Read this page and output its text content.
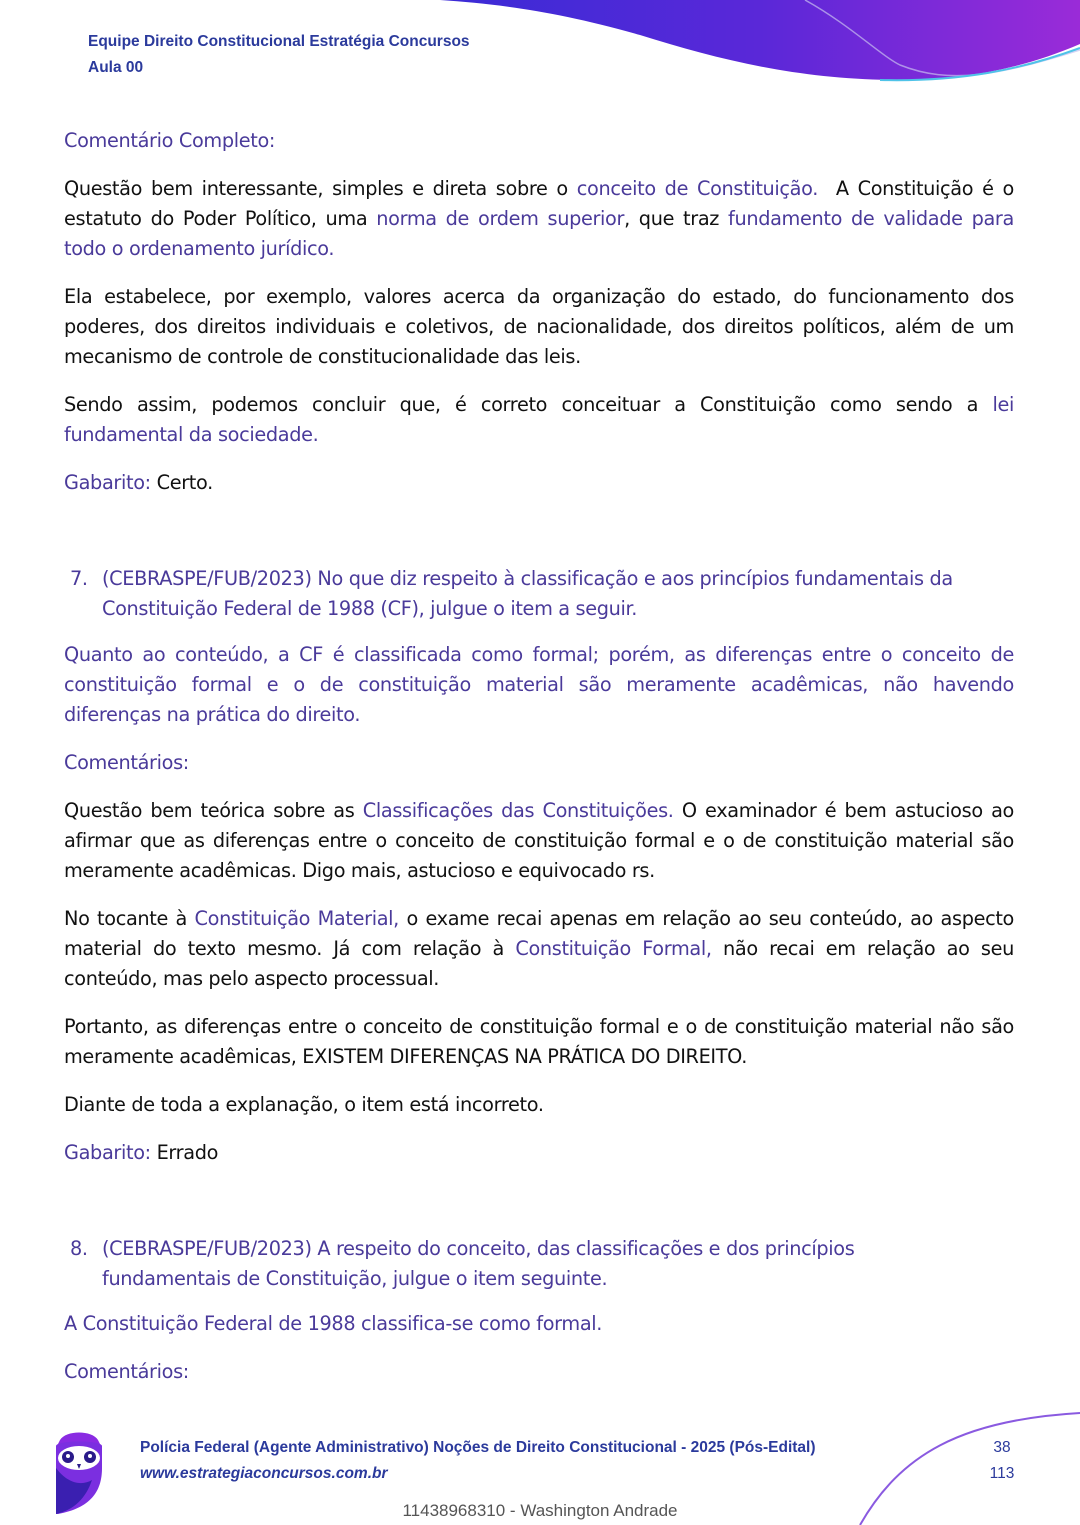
Equipe Direito Constitucional Estratégia Concursos
Aula 00

Comentário Completo:

Questão bem interessante, simples e direta sobre o conceito de Constituição.  A Constituição é o estatuto do Poder Político, uma norma de ordem superior, que traz fundamento de validade para todo o ordenamento jurídico.

Ela estabelece, por exemplo, valores acerca da organização do estado, do funcionamento dos poderes, dos direitos individuais e coletivos, de nacionalidade, dos direitos políticos, além de um mecanismo de controle de constitucionalidade das leis.

Sendo assim, podemos concluir que, é correto conceituar a Constituição como sendo a lei fundamental da sociedade.

Gabarito: Certo.

7. (CEBRASPE/FUB/2023) No que diz respeito à classificação e aos princípios fundamentais da Constituição Federal de 1988 (CF), julgue o item a seguir.

Quanto ao conteúdo, a CF é classificada como formal; porém, as diferenças entre o conceito de constituição formal e o de constituição material são meramente acadêmicas, não havendo diferenças na prática do direito.

Comentários:

Questão bem teórica sobre as Classificações das Constituições. O examinador é bem astucioso ao afirmar que as diferenças entre o conceito de constituição formal e o de constituição material são meramente acadêmicas. Digo mais, astucioso e equivocado rs.

No tocante à Constituição Material, o exame recai apenas em relação ao seu conteúdo, ao aspecto material do texto mesmo. Já com relação à Constituição Formal, não recai em relação ao seu conteúdo, mas pelo aspecto processual.

Portanto, as diferenças entre o conceito de constituição formal e o de constituição material não são meramente acadêmicas, EXISTEM DIFERENÇAS NA PRÁTICA DO DIREITO.

Diante de toda a explanação, o item está incorreto.

Gabarito: Errado

8. (CEBRASPE/FUB/2023) A respeito do conceito, das classificações e dos princípios fundamentais de Constituição, julgue o item seguinte.

A Constituição Federal de 1988 classifica-se como formal.

Comentários:

Polícia Federal (Agente Administrativo) Noções de Direito Constitucional - 2025 (Pós-Edital)
www.estrategiaconcursos.com.br
38
113
11438968310 - Washington Andrade
